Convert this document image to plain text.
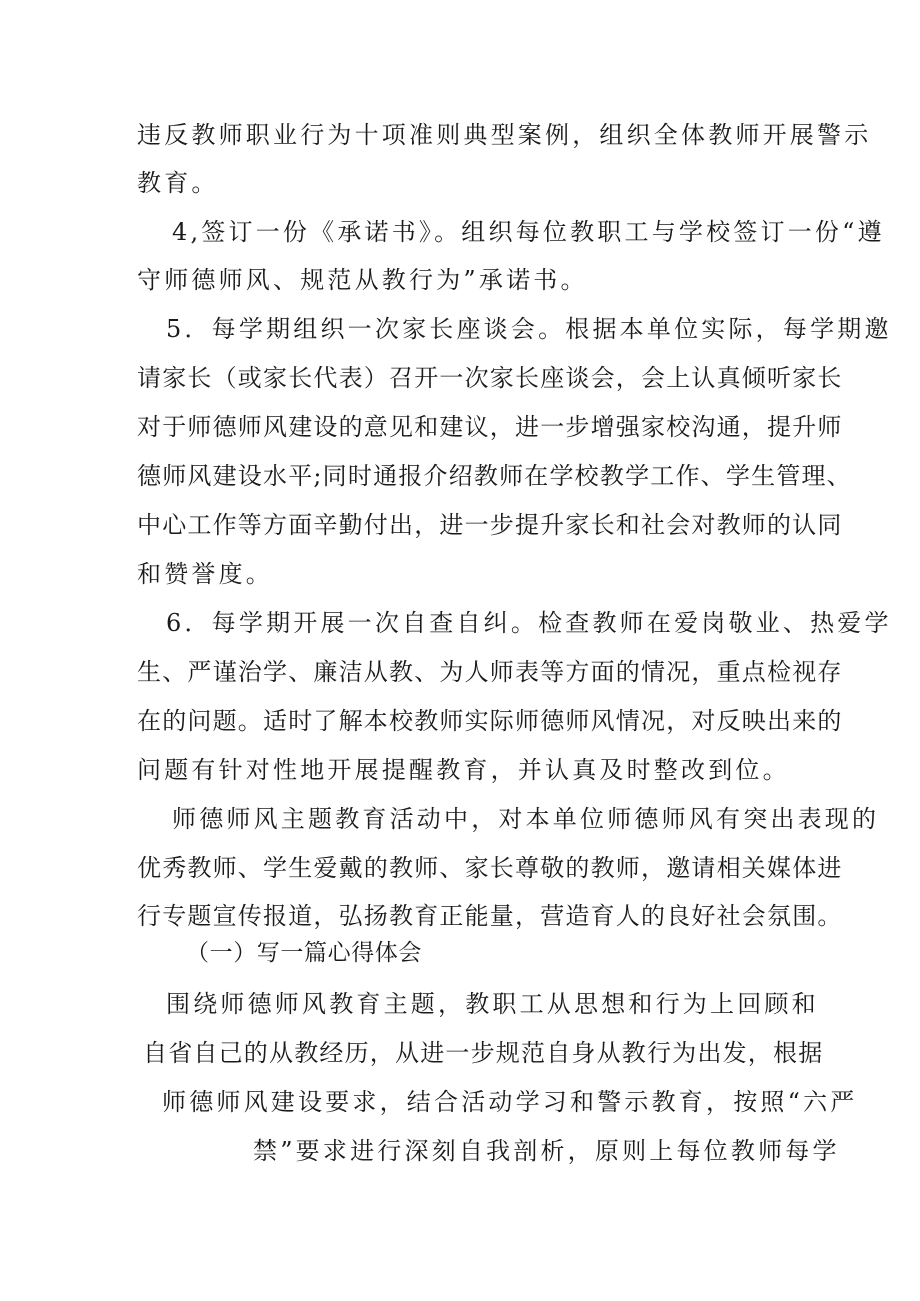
违反教师职业行为十项准则典型案例，组织全体教师开展警示
教育。
4,签订一份《承诺书》。组织每位教职工与学校签订一份“遵
守师德师风、规范从教行为”承诺书。
5．每学期组织一次家长座谈会。根据本单位实际，每学期邀
请家长（或家长代表）召开一次家长座谈会，会上认真倾听家长
对于师德师风建设的意见和建议，进一步增强家校沟通，提升师
德师风建设水平;同时通报介绍教师在学校教学工作、学生管理、
中心工作等方面辛勤付出，进一步提升家长和社会对教师的认同
和赞誉度。
6．每学期开展一次自查自纠。检查教师在爱岗敬业、热爱学
生、严谨治学、廉洁从教、为人师表等方面的情况，重点检视存
在的问题。适时了解本校教师实际师德师风情况，对反映出来的
问题有针对性地开展提醒教育，并认真及时整改到位。
师德师风主题教育活动中，对本单位师德师风有突出表现的
优秀教师、学生爱戴的教师、家长尊敬的教师，邀请相关媒体进
行专题宣传报道，弘扬教育正能量，营造育人的良好社会氛围。
（一）写一篇心得体会
围绕师德师风教育主题，教职工从思想和行为上回顾和
自省自己的从教经历，从进一步规范自身从教行为出发，根据
师德师风建设要求，结合活动学习和警示教育，按照“六严
禁”要求进行深刻自我剖析，原则上每位教师每学
